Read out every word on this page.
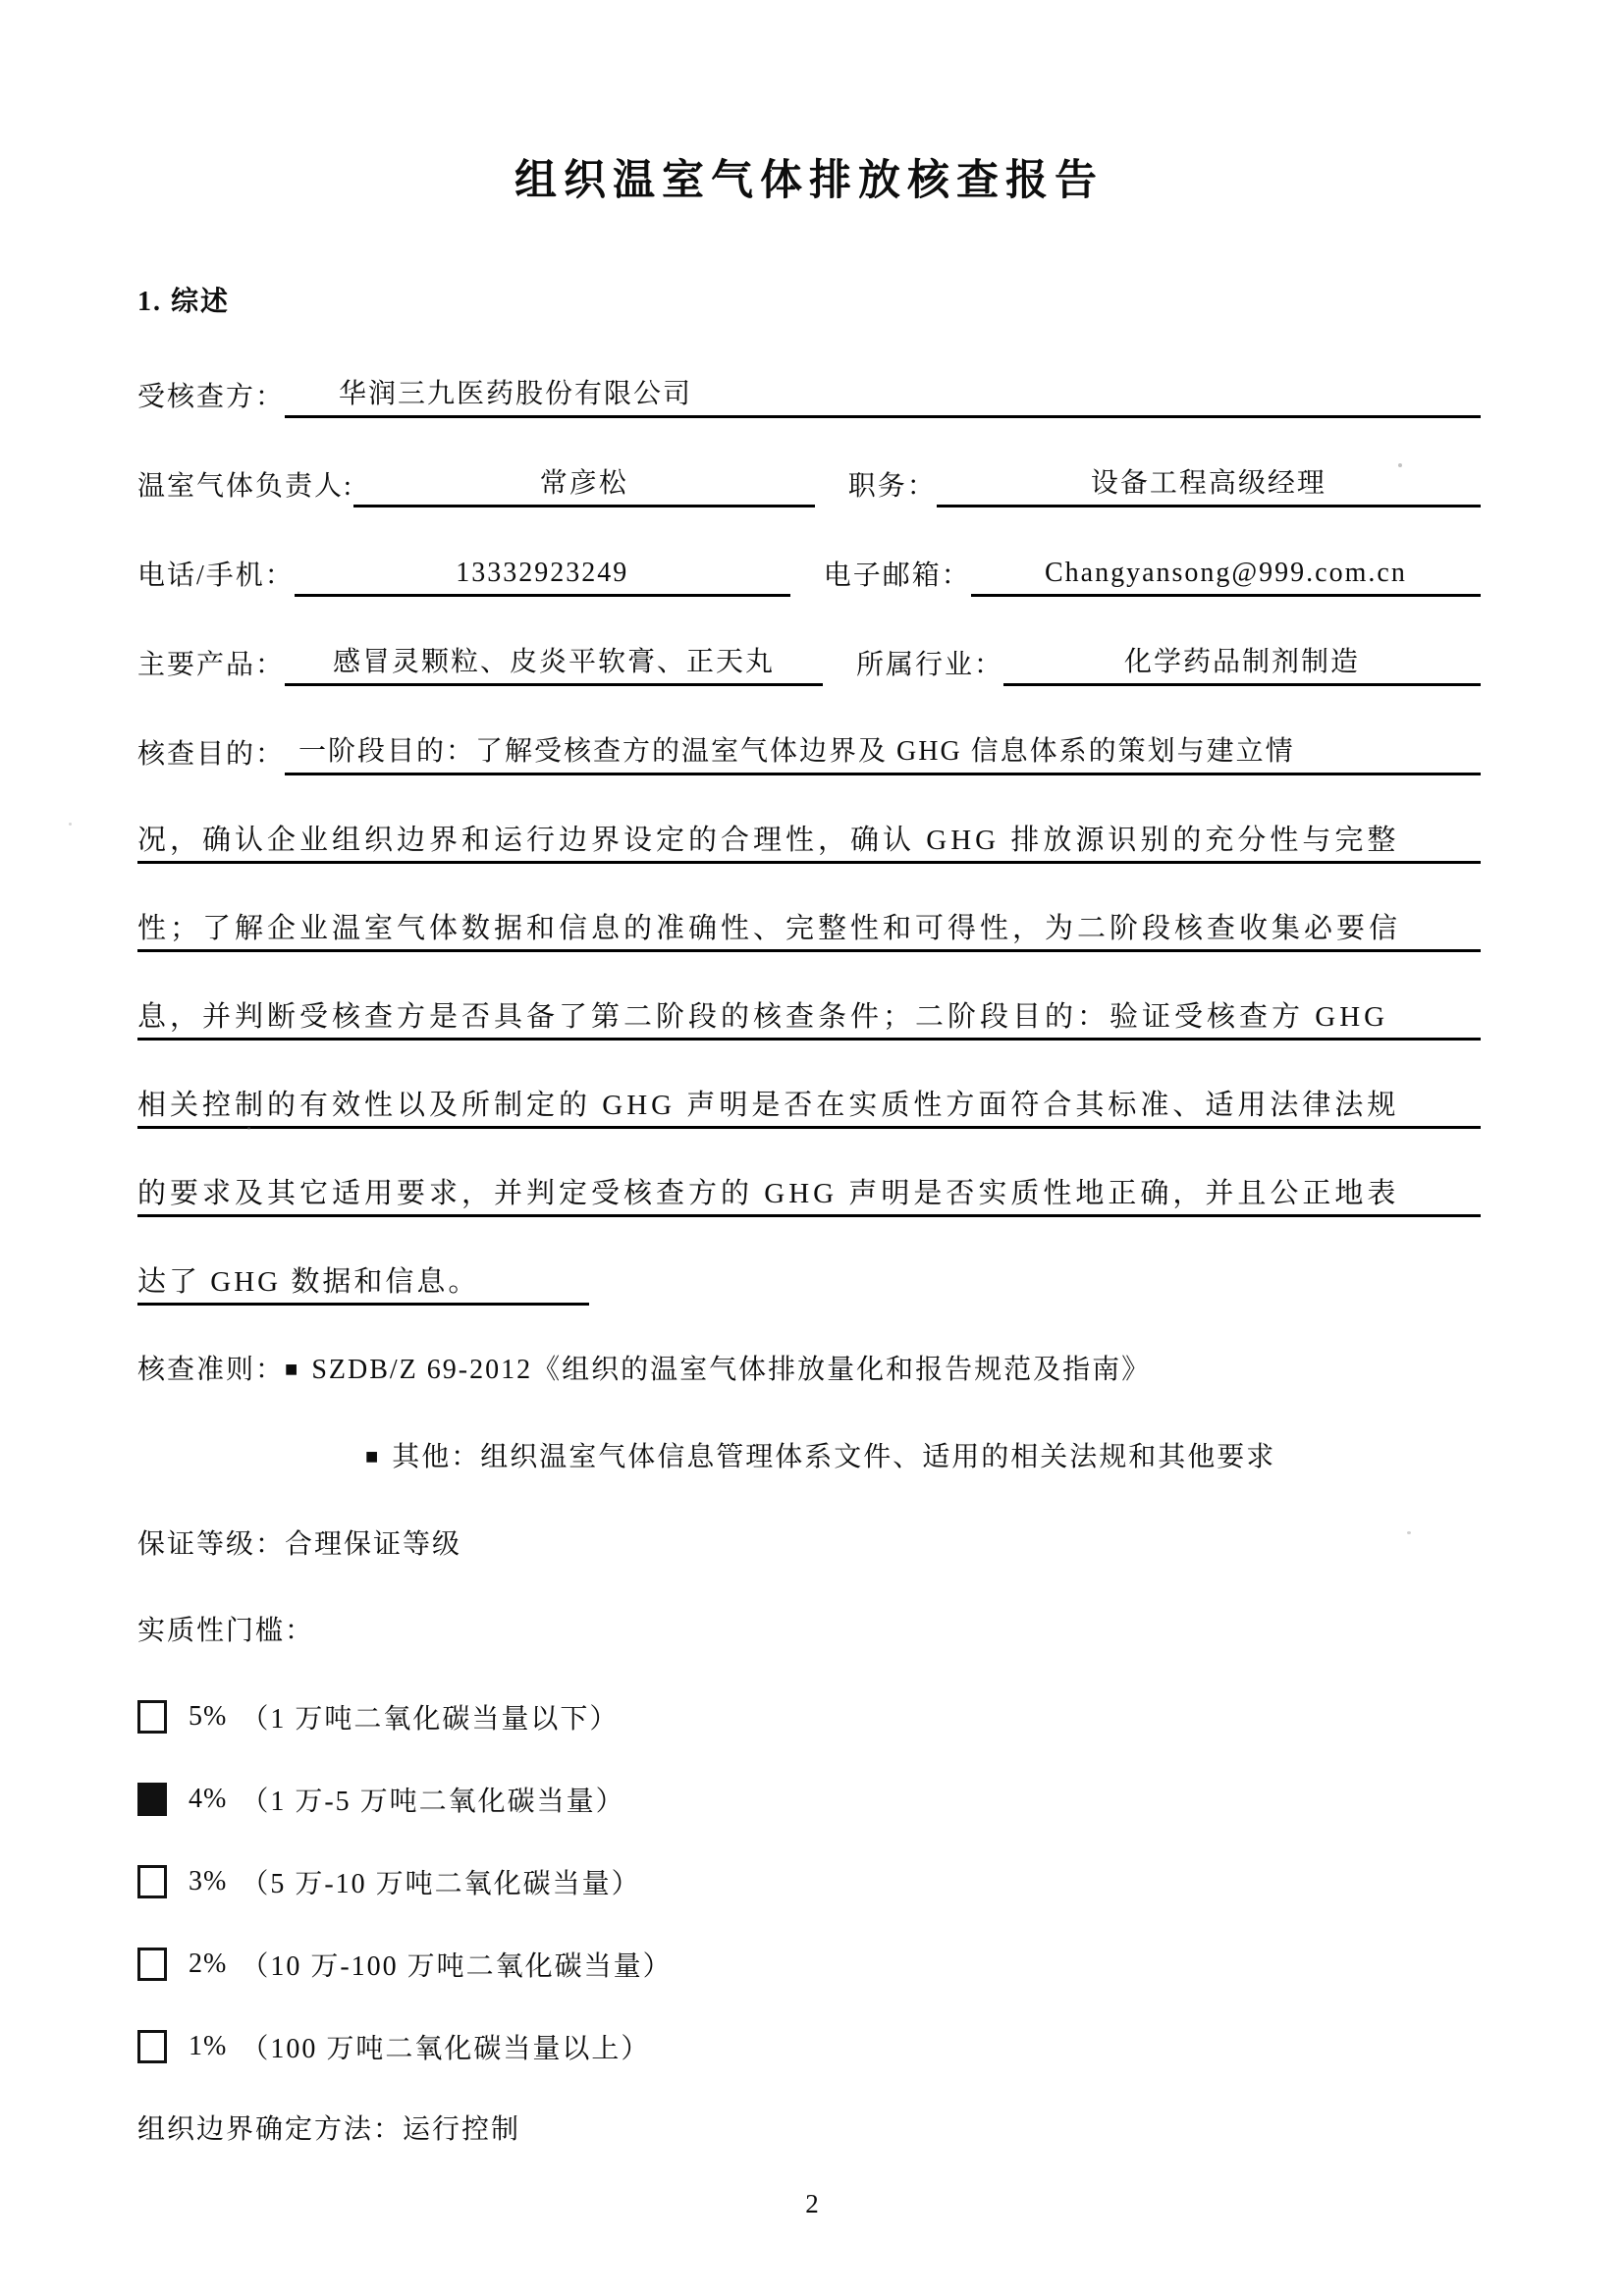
组织温室气体排放核查报告
1. 综述
受核查方：	华润三九医药股份有限公司
温室气体负责人:	常彦松	职务：	设备工程高级经理
电话/手机：	13332923249	电子邮箱：	Changyansong@999.com.cn
主要产品：	感冒灵颗粒、皮炎平软膏、正天丸	所属行业：	化学药品制剂制造
核查目的： 一阶段目的：了解受核查方的温室气体边界及 GHG 信息体系的策划与建立情
况，确认企业组织边界和运行边界设定的合理性，确认 GHG 排放源识别的充分性与完整
性；了解企业温室气体数据和信息的准确性、完整性和可得性，为二阶段核查收集必要信
息，并判断受核查方是否具备了第二阶段的核查条件；二阶段目的：验证受核查方 GHG
相关控制的有效性以及所制定的 GHG 声明是否在实质性方面符合其标准、适用法律法规
的要求及其它适用要求，并判定受核查方的 GHG 声明是否实质性地正确，并且公正地表
达了 GHG 数据和信息。
核查准则：■ SZDB/Z 69-2012《组织的温室气体排放量化和报告规范及指南》
■ 其他：组织温室气体信息管理体系文件、适用的相关法规和其他要求
保证等级： 合理保证等级
实质性门槛：
5% （1 万吨二氧化碳当量以下）
4% （1 万-5 万吨二氧化碳当量）
3% （5 万-10 万吨二氧化碳当量）
2% （10 万-100 万吨二氧化碳当量）
1% （100 万吨二氧化碳当量以上）
组织边界确定方法： 运行控制
2
